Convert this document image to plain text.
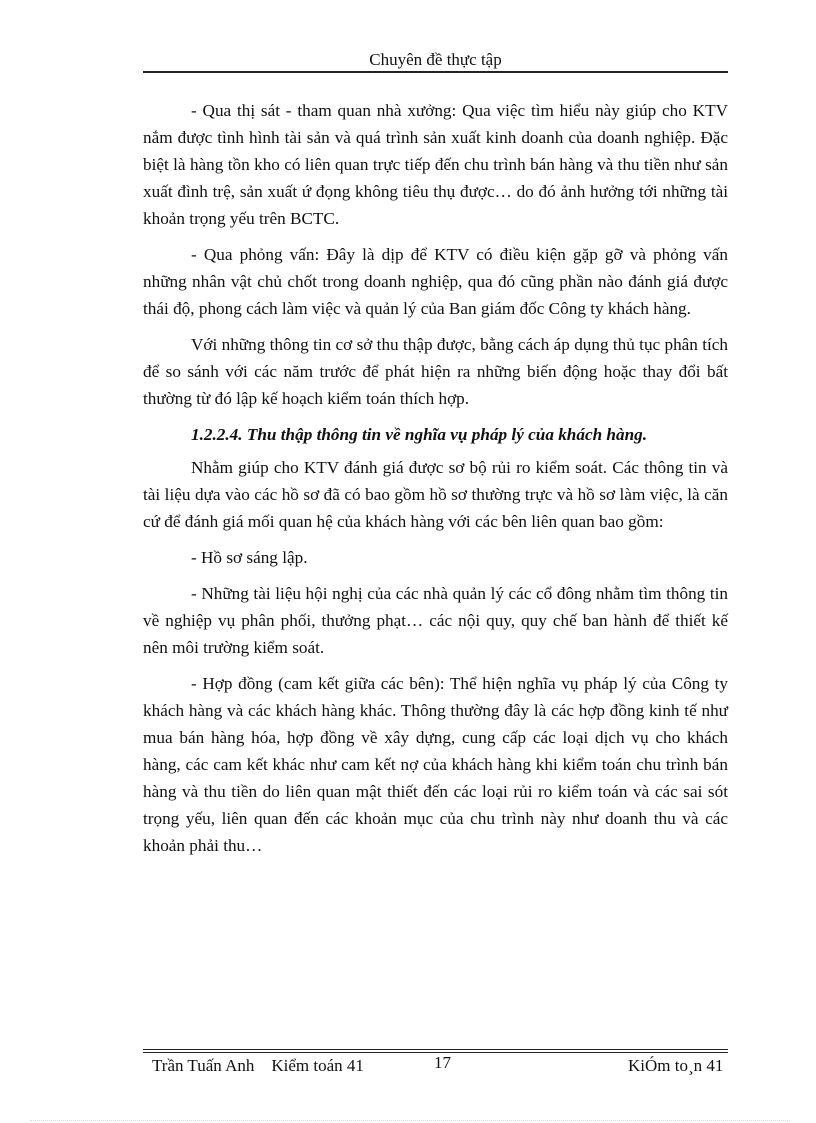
Chuyên đề thực tập

- Qua thị sát - tham quan nhà xưởng: Qua việc tìm hiểu này giúp cho KTV nắm được tình hình tài sản và quá trình sản xuất kinh doanh của doanh nghiệp. Đặc biệt là hàng tồn kho có liên quan trực tiếp đến chu trình bán hàng và thu tiền như sản xuất đình trệ, sản xuất ứ đọng không tiêu thụ được… do đó ảnh hưởng tới những tài khoản trọng yếu trên BCTC.

- Qua phỏng vấn: Đây là dịp để KTV có điều kiện gặp gỡ và phỏng vấn những nhân vật chủ chốt trong doanh nghiệp, qua đó cũng phần nào đánh giá được thái độ, phong cách làm việc và quản lý của Ban giám đốc Công ty khách hàng.

Với những thông tin cơ sở thu thập được, bằng cách áp dụng thủ tục phân tích để so sánh với các năm trước để phát hiện ra những biến động hoặc thay đổi bất thường từ đó lập kế hoạch kiểm toán thích hợp.

1.2.2.4. Thu thập thông tin về nghĩa vụ pháp lý của khách hàng.

Nhằm giúp cho KTV đánh giá được sơ bộ rủi ro kiểm soát. Các thông tin và tài liệu dựa vào các hồ sơ đã có bao gồm hồ sơ thường trực và hồ sơ làm việc, là căn cứ để đánh giá mối quan hệ của khách hàng với các bên liên quan bao gồm:

- Hồ sơ sáng lập.

- Những tài liệu hội nghị của các nhà quản lý các cổ đông nhằm tìm thông tin về nghiệp vụ phân phối, thưởng phạt… các nội quy, quy chế ban hành để thiết kế nên môi trường kiểm soát.

- Hợp đồng (cam kết giữa các bên): Thể hiện nghĩa vụ pháp lý của Công ty khách hàng và các khách hàng khác. Thông thường đây là các hợp đồng kinh tế như mua bán hàng hóa, hợp đồng về xây dựng, cung cấp các loại dịch vụ cho khách hàng, các cam kết khác như cam kết nợ của khách hàng khi kiểm toán chu trình bán hàng và thu tiền do liên quan mật thiết đến các loại rủi ro kiểm toán và các sai sót trọng yếu, liên quan đến các khoản mục của chu trình này như doanh thu và các khoản phải thu…

Trần Tuấn Anh    Kiểm toán 41	17	KiÓm to¸n 41
